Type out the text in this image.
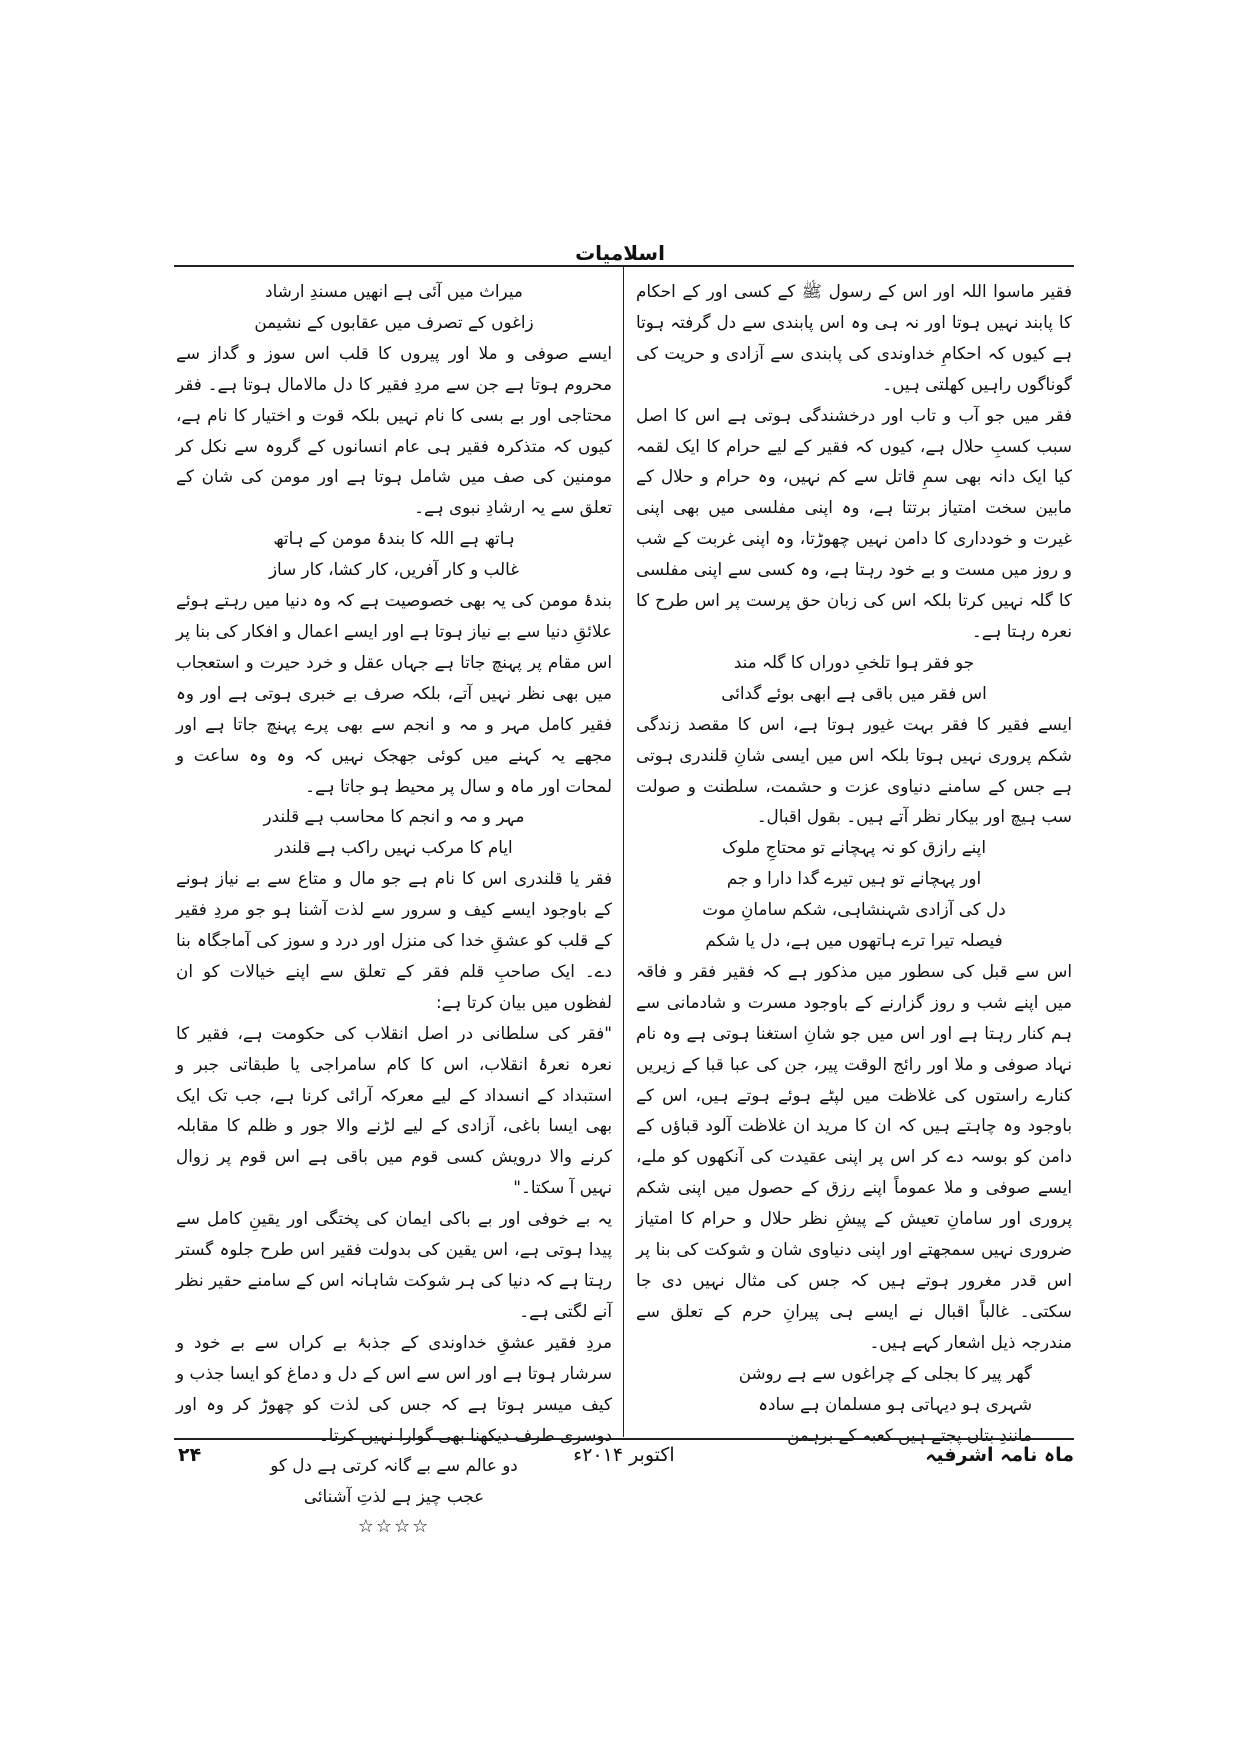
اسلامیات

فقیر ماسوا اللہ اور اس کے رسول ﷺ کے کسی اور کے احکام کا پابند نہیں ہوتا اور نہ ہی وہ اس پابندی سے دل گرفتہ ہوتا ہے کیوں کہ احکامِ خداوندی کی پابندی سے آزادی و حریت کی گوناگوں راہیں کھلتی ہیں۔

فقر میں جو آب و تاب اور درخشندگی ہوتی ہے اس کا اصل سبب کسبِ حلال ہے، کیوں کہ فقیر کے لیے حرام کا ایک لقمہ کیا ایک دانہ بھی سمِ قاتل سے کم نہیں، وہ حرام و حلال کے مابین سخت امتیاز برتتا ہے، وہ اپنی مفلسی میں بھی اپنی غیرت و خودداری کا دامن نہیں چھوڑتا، وہ اپنی غربت کے شب و روز میں مست و بے خود رہتا ہے، وہ کسی سے اپنی مفلسی کا گلہ نہیں کرتا بلکہ اس کی زبان حق پرست پر اس طرح کا نعرہ رہتا ہے۔

جو فقر ہوا تلخیِ دوراں کا گلہ منداس فقر میں باقی ہے ابھی بوئے گدائی

ایسے فقیر کا فقر بہت غیور ہوتا ہے، اس کا مقصد زندگی شکم پروری نہیں ہوتا بلکہ اس میں ایسی شانِ قلندری ہوتی ہے جس کے سامنے دنیاوی عزت و حشمت، سلطنت و صولت سب ہیچ اور بیکار نظر آتے ہیں۔ بقول اقبال۔

اپنے رازق کو نہ پہچانے تو محتاجِ ملوک

اور پہچانے تو ہیں تیرے گدا دارا و جم

دل کی آزادی شہنشاہی، شکم سامانِ موت

فیصلہ تیرا ترے ہاتھوں میں ہے، دل یا شکم

اس سے قبل کی سطور میں مذکور ہے کہ فقیر فقر و فاقہ میں اپنے شب و روز گزارنے کے باوجود مسرت و شادمانی سے ہم کنار رہتا ہے اور اس میں جو شانِ استغنا ہوتی ہے وہ نام نہاد صوفی و ملا اور رائج الوقت پیر، جن کی عبا قبا کے زیریں کنارے راستوں کی غلاظت میں لپٹے ہوئے ہوتے ہیں، اس کے باوجود وہ چاہتے ہیں کہ ان کا مرید ان غلاظت آلود قباؤں کے دامن کو بوسہ دے کر اس پر اپنی عقیدت کی آنکھوں کو ملے، ایسے صوفی و ملا عموماً اپنے رزق کے حصول میں اپنی شکم پروری اور سامانِ تعیش کے پیشِ نظر حلال و حرام کا امتیاز ضروری نہیں سمجھتے اور اپنی دنیاوی شان و شوکت کی بنا پر اس قدر مغرور ہوتے ہیں کہ جس کی مثال نہیں دی جا سکتی۔ غالباً اقبال نے ایسے ہی پیرانِ حرم کے تعلق سے مندرجہ ذیل اشعار کہے ہیں۔

گھر پیر کا بجلی کے چراغوں سے ہے روشن

شہری ہو دیہاتی ہو مسلمان ہے سادہ

مانندِ بتاں پجتے ہیں کعبہ کے برہمن

میراث میں آئی ہے انھیں مسندِ ارشاد

زاغوں کے تصرف میں عقابوں کے نشیمن

ایسے صوفی و ملا اور پیروں کا قلب اس سوز و گداز سے محروم ہوتا ہے جن سے مردِ فقیر کا دل مالامال ہوتا ہے۔ فقر محتاجی اور بے بسی کا نام نہیں بلکہ قوت و اختیار کا نام ہے، کیوں کہ متذکرہ فقیر ہی عام انسانوں کے گروہ سے نکل کر مومنین کی صف میں شامل ہوتا ہے اور مومن کی شان کے تعلق سے یہ ارشادِ نبوی ہے۔

ہاتھ ہے اللہ کا بندۂ مومن کے ہاتھغالب و کار آفریں، کار کشا، کار ساز

بندۂ مومن کی یہ بھی خصوصیت ہے کہ وہ دنیا میں رہتے ہوئے علائقِ دنیا سے بے نیاز ہوتا ہے اور ایسے اعمال و افکار کی بنا پر اس مقام پر پہنچ جاتا ہے جہاں عقل و خرد حیرت و استعجاب میں بھی نظر نہیں آتے، بلکہ صرف بے خبری ہوتی ہے اور وہ فقیر کامل مہر و مہ و انجم سے بھی پرے پہنچ جاتا ہے اور مجھے یہ کہنے میں کوئی جھجک نہیں کہ وہ وہ ساعت و لمحات اور ماہ و سال پر محیط ہو جاتا ہے۔

مہر و مہ و انجم کا محاسب ہے قلندرایام کا مرکب نہیں راکب ہے قلندر

فقر یا قلندری اس کا نام ہے جو مال و متاع سے بے نیاز ہونے کے باوجود ایسے کیف و سرور سے لذت آشنا ہو جو مردِ فقیر کے قلب کو عشقِ خدا کی منزل اور درد و سوز کی آماجگاہ بنا دے۔ ایک صاحبِ قلم فقر کے تعلق سے اپنے خیالات کو ان لفظوں میں بیان کرتا ہے:

"فقر کی سلطانی در اصل انقلاب کی حکومت ہے، فقیر کا نعرہ نعرۂ انقلاب، اس کا کام سامراجی یا طبقاتی جبر و استبداد کے انسداد کے لیے معرکہ آرائی کرنا ہے، جب تک ایک بھی ایسا باغی، آزادی کے لیے لڑنے والا جور و ظلم کا مقابلہ کرنے والا درویش کسی قوم میں باقی ہے اس قوم پر زوال نہیں آ سکتا۔"

یہ بے خوفی اور بے باکی ایمان کی پختگی اور یقینِ کامل سے پیدا ہوتی ہے، اس یقین کی بدولت فقیر اس طرح جلوہ گستر رہتا ہے کہ دنیا کی ہر شوکت شاہانہ اس کے سامنے حقیر نظر آنے لگتی ہے۔

مردِ فقیر عشقِ خداوندی کے جذبۂ بے کراں سے بے خود و سرشار ہوتا ہے اور اس سے اس کے دل و دماغ کو ایسا جذب و کیف میسر ہوتا ہے کہ جس کی لذت کو چھوڑ کر وہ اور دوسری طرف دیکھنا بھی گوارا نہیں کرتا۔

دو عالم سے بے گانہ کرتی ہے دل کوعجب چیز ہے لذتِ آشنائی

☆☆☆☆

ماہ نامہ اشرفیہ
اکتوبر ۲۰۱۴ء
۲۴
